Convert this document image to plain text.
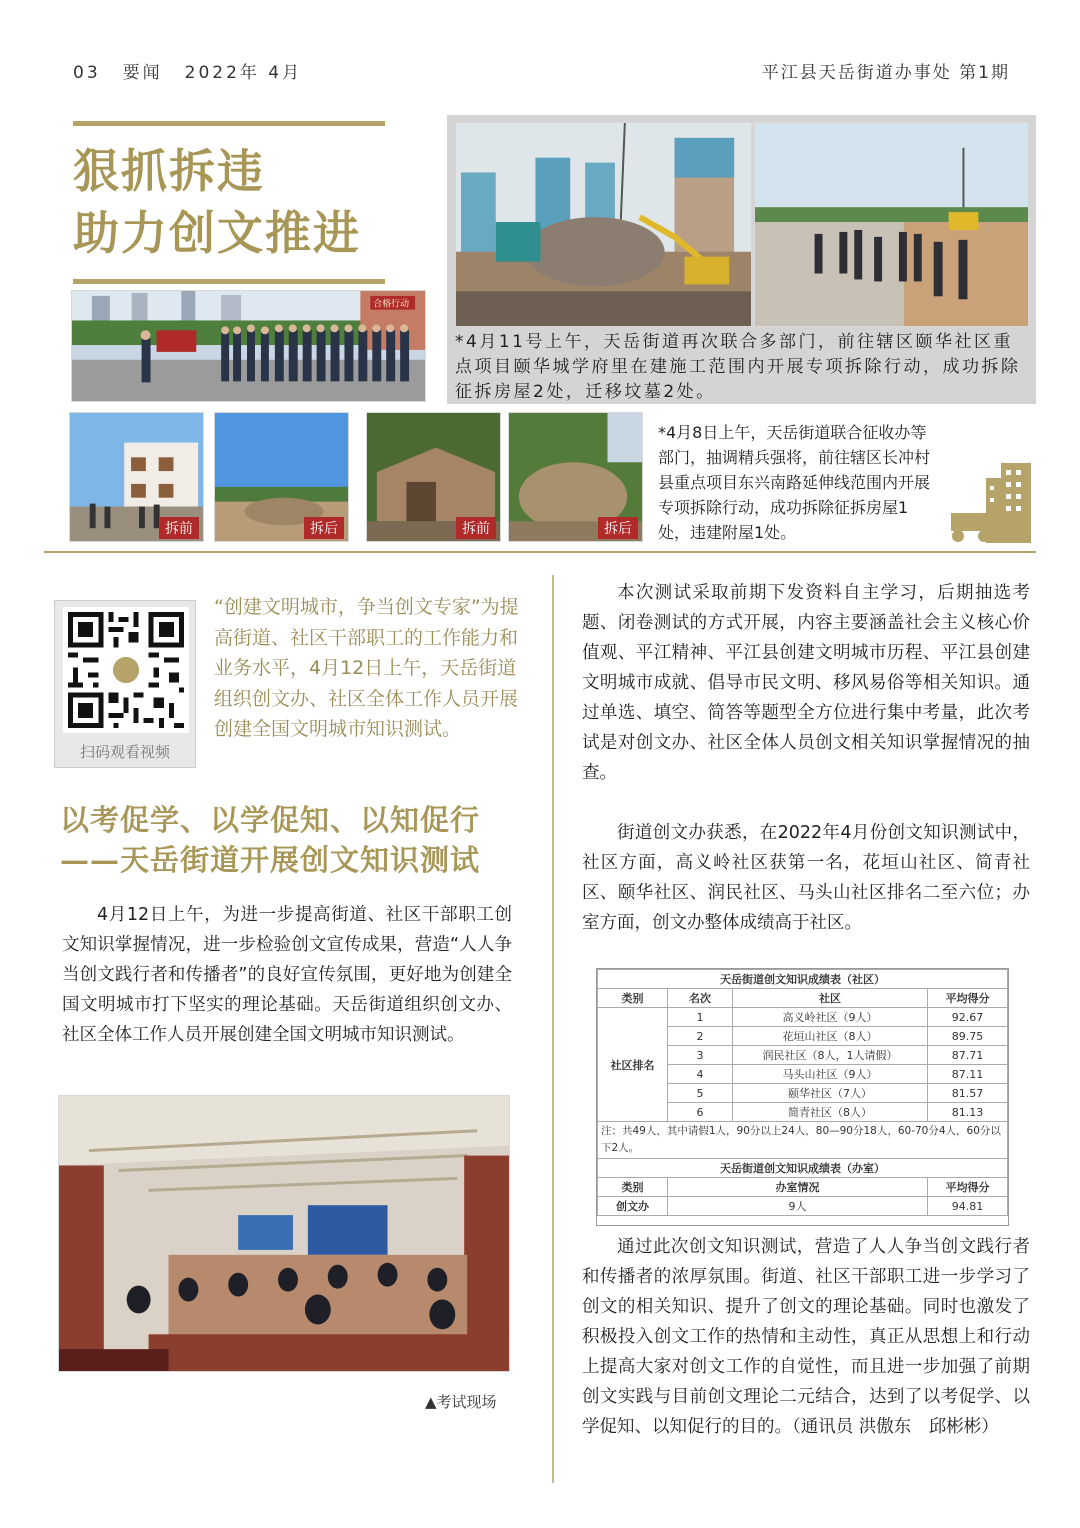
03 要闻 2022年 4月	平江县天岳街道办事处 第1期
狠抓拆违
助力创文推进
合格行动
*4月11号上午，天岳街道再次联合多部门，前往辖区颐华社区重点项目颐华城学府里在建施工范围内开展专项拆除行动，成功拆除征拆房屋2处，迁移坟墓2处。
拆前	拆后	拆前	拆后
*4月8日上午，天岳街道联合征收办等部门，抽调精兵强将，前往辖区长冲村县重点项目东兴南路延伸线范围内开展专项拆除行动，成功拆除征拆房屋1处，违建附屋1处。
扫码观看视频
“创建文明城市，争当创文专家”为提高街道、社区干部职工的工作能力和业务水平，4月12日上午，天岳街道组织创文办、社区全体工作人员开展创建全国文明城市知识测试。
以考促学、以学促知、以知促行
——天岳街道开展创文知识测试
4月12日上午，为进一步提高街道、社区干部职工创文知识掌握情况，进一步检验创文宣传成果，营造“人人争当创文践行者和传播者”的良好宣传氛围，更好地为创建全国文明城市打下坚实的理论基础。天岳街道组织创文办、社区全体工作人员开展创建全国文明城市知识测试。
▲考试现场
本次测试采取前期下发资料自主学习，后期抽选考题、闭卷测试的方式开展，内容主要涵盖社会主义核心价值观、平江精神、平江县创建文明城市历程、平江县创建文明城市成就、倡导市民文明、移风易俗等相关知识。通过单选、填空、简答等题型全方位进行集中考量，此次考试是对创文办、社区全体人员创文相关知识掌握情况的抽查。
街道创文办获悉，在2022年4月份创文知识测试中，社区方面，高义岭社区获第一名，花垣山社区、简青社区、颐华社区、润民社区、马头山社区排名二至六位；办室方面，创文办整体成绩高于社区。
天岳街道创文知识成绩表（社区）			
类别	名次	社区	平均得分
社区排名	1	高义岭社区（9人）	92.67
	2	花垣山社区（8人）	89.75
	3	润民社区（8人，1人请假）	87.71
	4	马头山社区（9人）	87.11
	5	颐华社区（7人）	81.57
	6	简青社区（8人）	81.13
注：共49人，其中请假1人，90分以上24人，80—90分18人，60-70分4人，60分以下2人。			
天岳街道创文知识成绩表（办室）			
类别	办室情况		平均得分
创文办	9人		94.81
通过此次创文知识测试，营造了人人争当创文践行者和传播者的浓厚氛围。街道、社区干部职工进一步学习了创文的相关知识、提升了创文的理论基础。同时也激发了积极投入创文工作的热情和主动性，真正从思想上和行动上提高大家对创文工作的自觉性，而且进一步加强了前期创文实践与目前创文理论二元结合，达到了以考促学、以学促知、以知促行的目的。（通讯员 洪傲东　邱彬彬）
